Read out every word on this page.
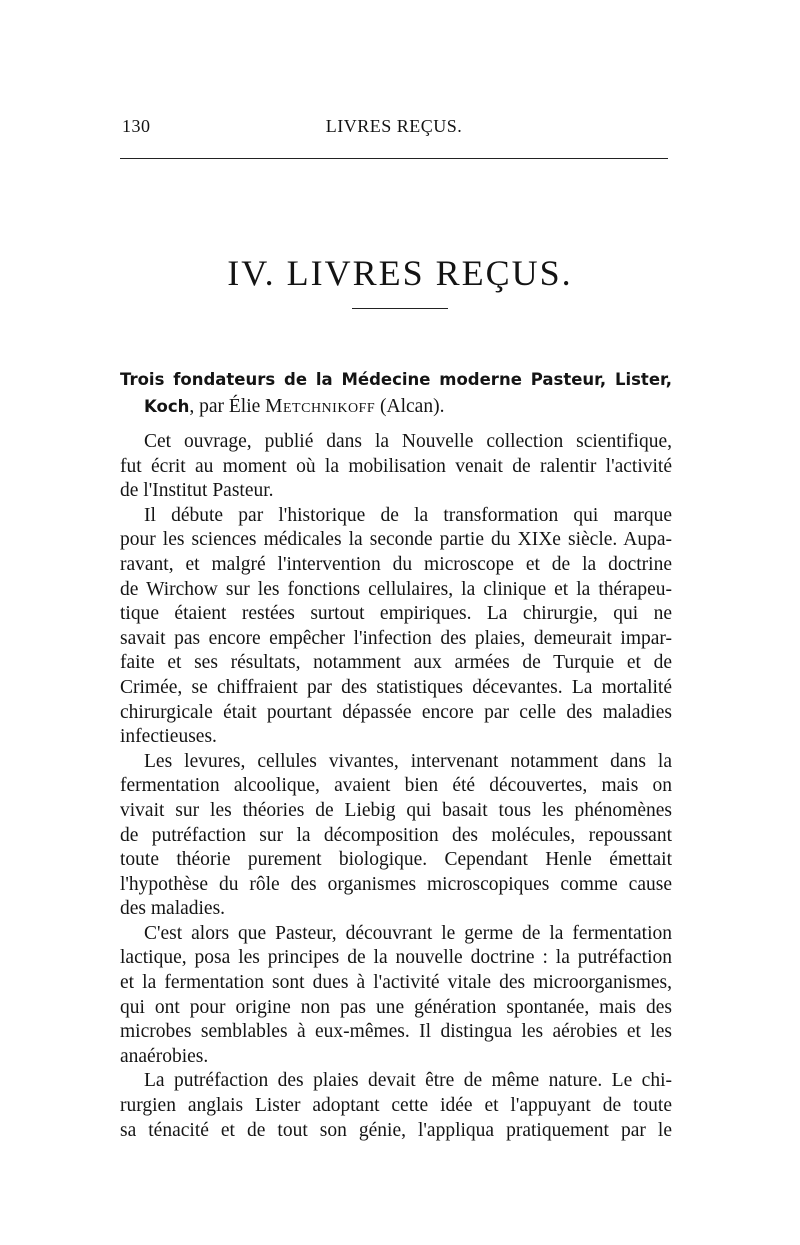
130	LIVRES REÇUS.
IV. LIVRES REÇUS.
Trois fondateurs de la Médecine moderne Pasteur, Lister,
Koch, par Élie Metchnikoff (Alcan).

Cet ouvrage, publié dans la Nouvelle collection scientifique,
fut écrit au moment où la mobilisation venait de ralentir l'activité
de l'Institut Pasteur.

Il débute par l'historique de la transformation qui marque
pour les sciences médicales la seconde partie du XIXe siècle. Aupa-
ravant, et malgré l'intervention du microscope et de la doctrine
de Wirchow sur les fonctions cellulaires, la clinique et la thérapeu-
tique étaient restées surtout empiriques. La chirurgie, qui ne
savait pas encore empêcher l'infection des plaies, demeurait impar-
faite et ses résultats, notamment aux armées de Turquie et de
Crimée, se chiffraient par des statistiques décevantes. La mortalité
chirurgicale était pourtant dépassée encore par celle des maladies
infectieuses.

Les levures, cellules vivantes, intervenant notamment dans la
fermentation alcoolique, avaient bien été découvertes, mais on
vivait sur les théories de Liebig qui basait tous les phénomènes
de putréfaction sur la décomposition des molécules, repoussant
toute théorie purement biologique. Cependant Henle émettait
l'hypothèse du rôle des organismes microscopiques comme cause
des maladies.

C'est alors que Pasteur, découvrant le germe de la fermentation
lactique, posa les principes de la nouvelle doctrine : la putréfaction
et la fermentation sont dues à l'activité vitale des microorganismes,
qui ont pour origine non pas une génération spontanée, mais des
microbes semblables à eux-mêmes. Il distingua les aérobies et les
anaérobies.

La putréfaction des plaies devait être de même nature. Le chi-
rurgien anglais Lister adoptant cette idée et l'appuyant de toute
sa ténacité et de tout son génie, l'appliqua pratiquement par le
